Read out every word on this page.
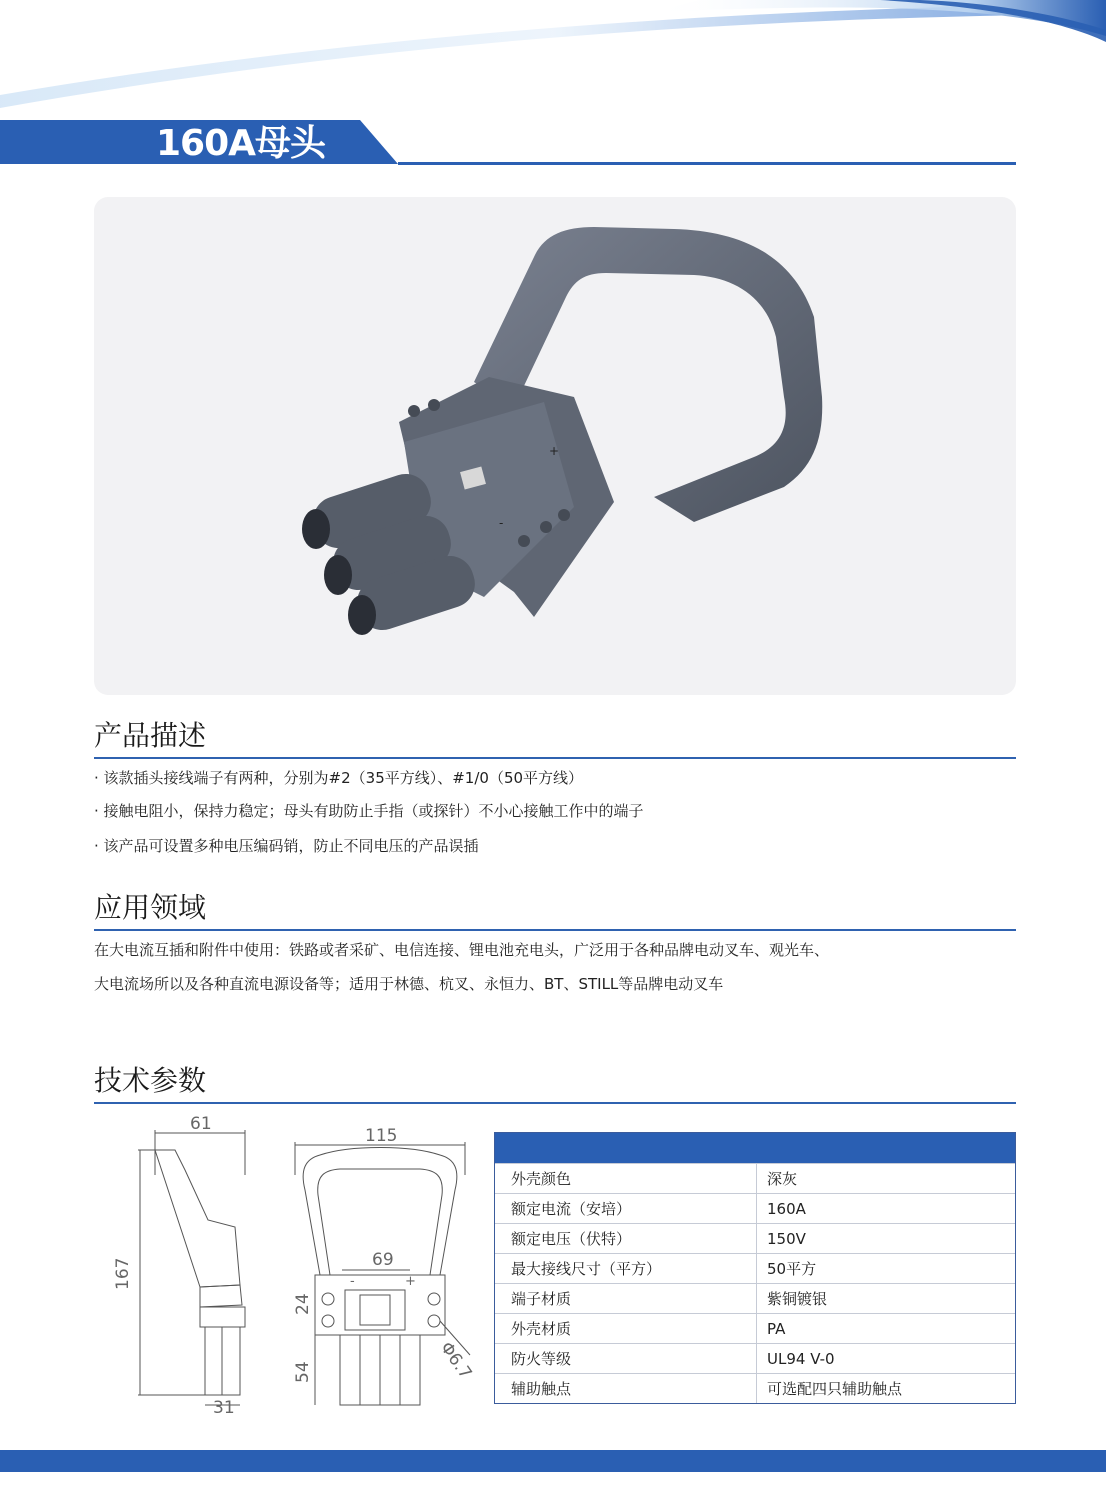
160A母头
+
-
产品描述
· 该款插头接线端子有两种，分别为#2（35平方线）、#1/0（50平方线）
· 接触电阻小，保持力稳定；母头有助防止手指（或探针）不小心接触工作中的端子
· 该产品可设置多种电压编码销，防止不同电压的产品误插
应用领域
在大电流互插和附件中使用：铁路或者采矿、电信连接、锂电池充电头，广泛用于各种品牌电动叉车、观光车、
大电流场所以及各种直流电源设备等；适用于林德、杭叉、永恒力、BT、STILL等品牌电动叉车
技术参数
61
167
31
115
69
24
54	Φ6.7
-	+
外壳颜色	深灰
额定电流（安培）	160A
额定电压（伏特）	150V
最大接线尺寸（平方）	50平方
端子材质	紫铜镀银
外壳材质	PA
防火等级	UL94 V-0
辅助触点	可选配四只辅助触点
